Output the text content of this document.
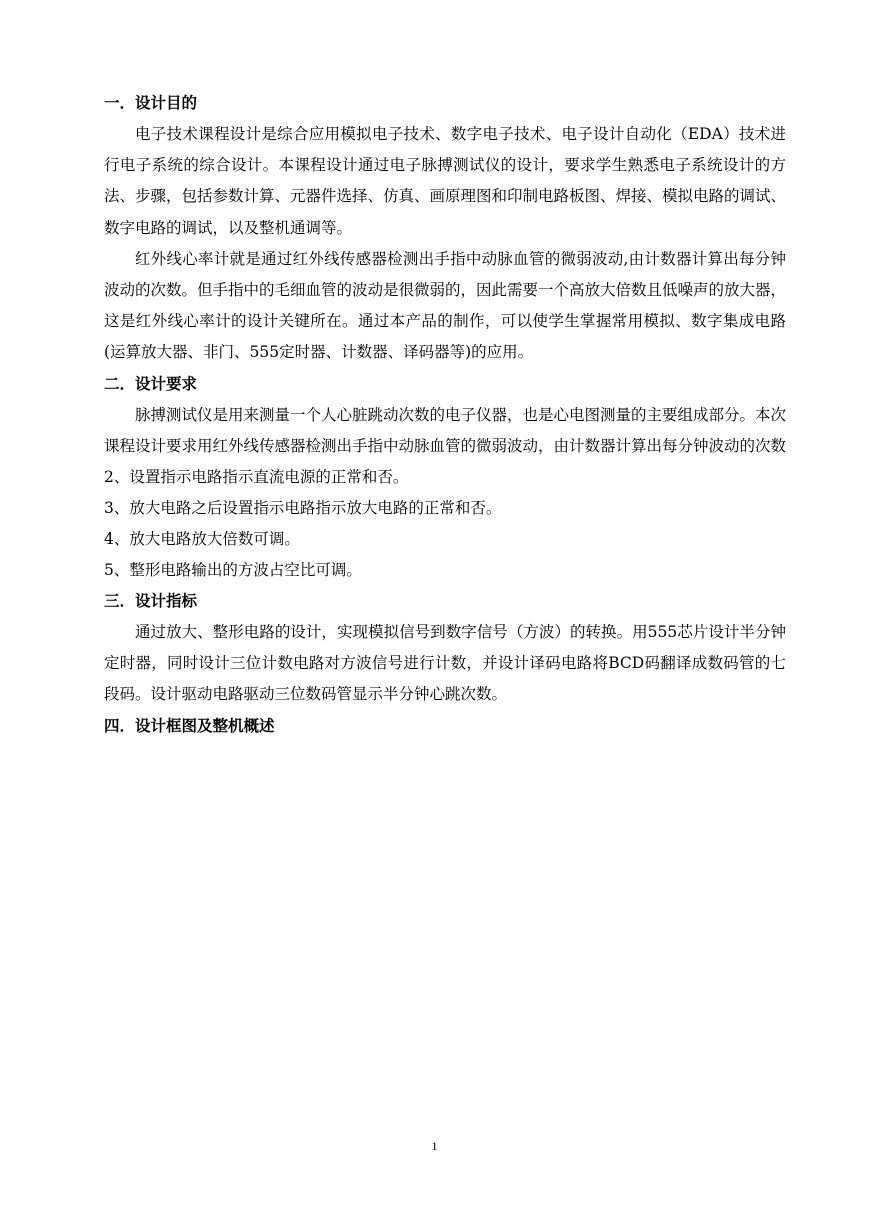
一．设计目的

电子技术课程设计是综合应用模拟电子技术、数字电子技术、电子设计自动化（EDA）技术进行电子系统的综合设计。本课程设计通过电子脉搏测试仪的设计，要求学生熟悉电子系统设计的方法、步骤，包括参数计算、元器件选择、仿真、画原理图和印制电路板图、焊接、模拟电路的调试、数字电路的调试，以及整机通调等。

红外线心率计就是通过红外线传感器检测出手指中动脉血管的微弱波动,由计数器计算出每分钟波动的次数。但手指中的毛细血管的波动是很微弱的，因此需要一个高放大倍数且低噪声的放大器，这是红外线心率计的设计关键所在。通过本产品的制作，可以使学生掌握常用模拟、数字集成电路(运算放大器、非门、555定时器、计数器、译码器等)的应用。

二．设计要求

脉搏测试仪是用来测量一个人心脏跳动次数的电子仪器，也是心电图测量的主要组成部分。本次课程设计要求用红外线传感器检测出手指中动脉血管的微弱波动，由计数器计算出每分钟波动的次数

2、设置指示电路指示直流电源的正常和否。

3、放大电路之后设置指示电路指示放大电路的正常和否。

4、放大电路放大倍数可调。

5、整形电路输出的方波占空比可调。

三．设计指标

通过放大、整形电路的设计，实现模拟信号到数字信号（方波）的转换。用555芯片设计半分钟定时器，同时设计三位计数电路对方波信号进行计数，并设计译码电路将BCD码翻译成数码管的七段码。设计驱动电路驱动三位数码管显示半分钟心跳次数。

四．设计框图及整机概述
1
